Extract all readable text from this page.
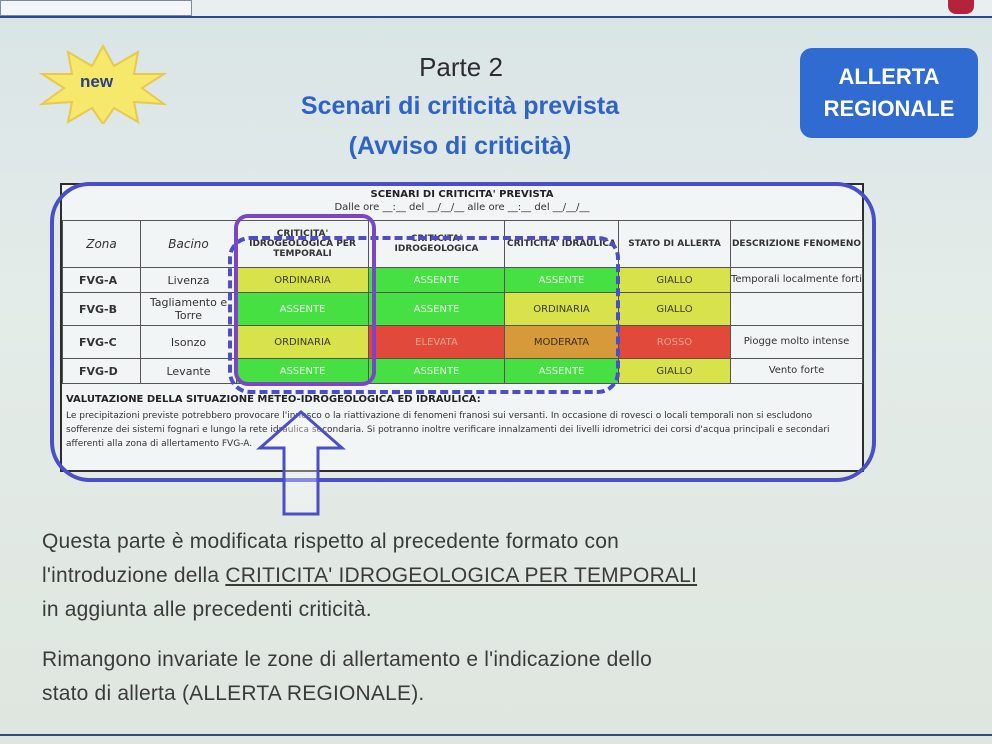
new	Parte 2
Scenari di criticità prevista
(Avviso di criticità)
ALLERTA
REGIONALE
SCENARI DI CRITICITA' PREVISTA
Dalle ore __:__ del __/__/__ alle ore __:__ del __/__/__
Zona	Bacino	CRITICITA' IDROGEOLOGICA PER TEMPORALI	CRITICITA' IDROGEOLOGICA	CRITICITA' IDRAULICA	STATO DI ALLERTA	DESCRIZIONE FENOMENO
FVG-A	Livenza	ORDINARIA	ASSENTE	ASSENTE	GIALLO	Temporali localmente forti
FVG-B	Tagliamento e Torre	ASSENTE	ASSENTE	ORDINARIA	GIALLO	
FVG-C	Isonzo	ORDINARIA	ELEVATA	MODERATA	ROSSO	Piogge molto intense
FVG-D	Levante	ASSENTE	ASSENTE	ASSENTE	GIALLO	Vento forte
VALUTAZIONE DELLA SITUAZIONE METEO-IDROGEOLOGICA ED IDRAULICA:
Le precipitazioni previste potrebbero provocare l'innesco o la riattivazione di fenomeni franosi sui versanti. In occasione di rovesci o locali temporali non si escludono sofferenze dei sistemi fognari e lungo la rete idraulica secondaria. Si potranno inoltre verificare innalzamenti dei livelli idrometrici dei corsi d'acqua principali e secondari afferenti alla zona di allertamento FVG-A.
Questa parte è modificata rispetto al precedente formato con
l'introduzione della CRITICITA' IDROGEOLOGICA PER TEMPORALI
in aggiunta alle precedenti criticità.
Rimangono invariate le zone di allertamento e l'indicazione dello
stato di allerta (ALLERTA REGIONALE).
